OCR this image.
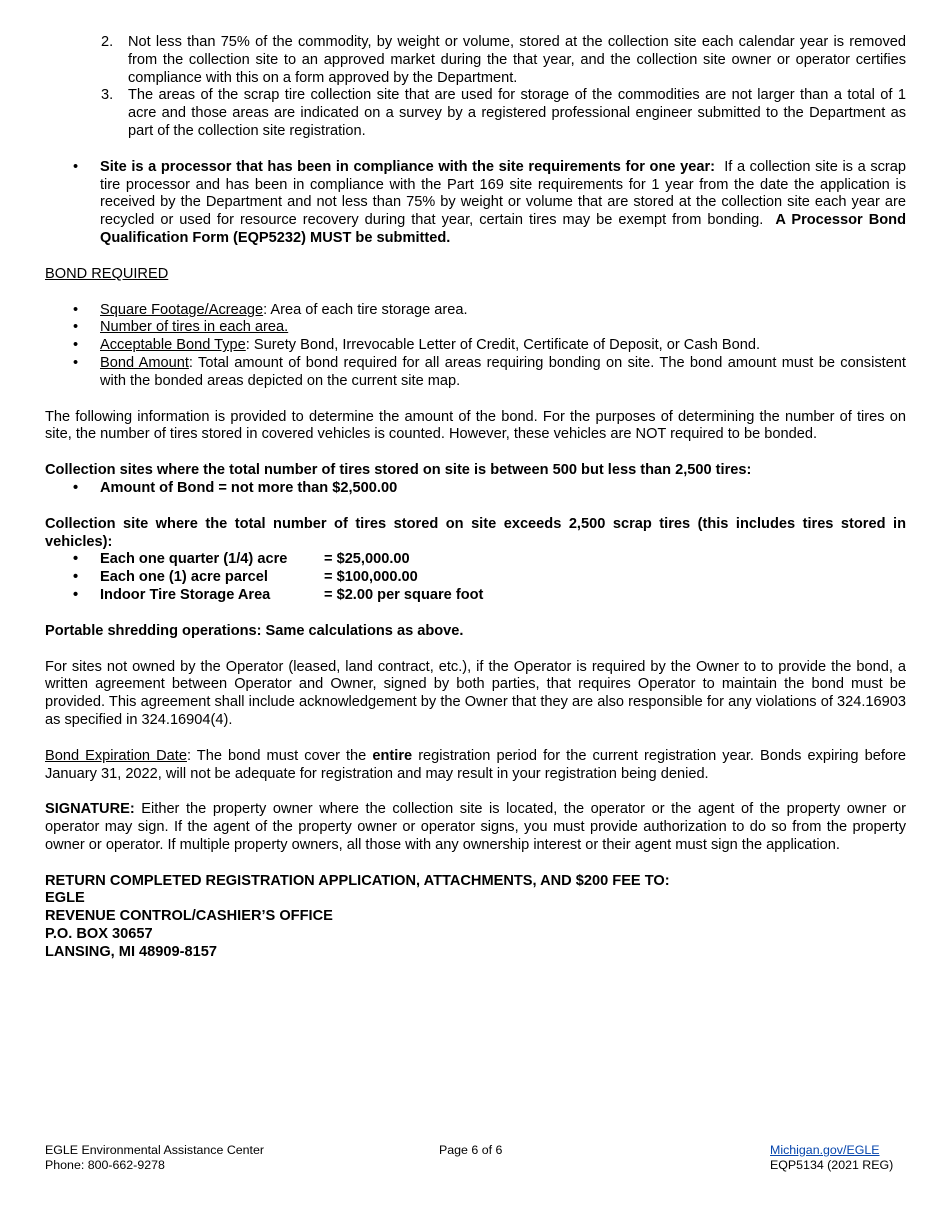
2. Not less than 75% of the commodity, by weight or volume, stored at the collection site each calendar year is removed from the collection site to an approved market during the that year, and the collection site owner or operator certifies compliance with this on a form approved by the Department.
3. The areas of the scrap tire collection site that are used for storage of the commodities are not larger than a total of 1 acre and those areas are indicated on a survey by a registered professional engineer submitted to the Department as part of the collection site registration.
• Site is a processor that has been in compliance with the site requirements for one year: If a collection site is a scrap tire processor and has been in compliance with the Part 169 site requirements for 1 year from the date the application is received by the Department and not less than 75% by weight or volume that are stored at the collection site each year are recycled or used for resource recovery during that year, certain tires may be exempt from bonding. A Processor Bond Qualification Form (EQP5232) MUST be submitted.

BOND REQUIRED

• Square Footage/Acreage: Area of each tire storage area.
• Number of tires in each area.
• Acceptable Bond Type: Surety Bond, Irrevocable Letter of Credit, Certificate of Deposit, or Cash Bond.
• Bond Amount: Total amount of bond required for all areas requiring bonding on site. The bond amount must be consistent with the bonded areas depicted on the current site map.

The following information is provided to determine the amount of the bond. For the purposes of determining the number of tires on site, the number of tires stored in covered vehicles is counted. However, these vehicles are NOT required to be bonded.

Collection sites where the total number of tires stored on site is between 500 but less than 2,500 tires:

• Amount of Bond = not more than $2,500.00

Collection site where the total number of tires stored on site exceeds 2,500 scrap tires (this includes tires stored in vehicles):

• Each one quarter (1/4) acre	= $25,000.00
• Each one (1) acre parcel	= $100,000.00
• Indoor Tire Storage Area	= $2.00 per square foot

Portable shredding operations: Same calculations as above.

For sites not owned by the Operator (leased, land contract, etc.), if the Operator is required by the Owner to to provide the bond, a written agreement between Operator and Owner, signed by both parties, that requires Operator to maintain the bond must be provided. This agreement shall include acknowledgement by the Owner that they are also responsible for any violations of 324.16903 as specified in 324.16904(4).

Bond Expiration Date: The bond must cover the entire registration period for the current registration year. Bonds expiring before January 31, 2022, will not be adequate for registration and may result in your registration being denied.

SIGNATURE: Either the property owner where the collection site is located, the operator or the agent of the property owner or operator may sign. If the agent of the property owner or operator signs, you must provide authorization to do so from the property owner or operator. If multiple property owners, all those with any ownership interest or their agent must sign the application.

RETURN COMPLETED REGISTRATION APPLICATION, ATTACHMENTS, AND $200 FEE TO:
EGLE
REVENUE CONTROL/CASHIER’S OFFICE
P.O. BOX 30657
LANSING, MI 48909-8157
EGLE Environmental Assistance Center
Phone: 800-662-9278
Page 6 of 6	Michigan.gov/EGLE
EQP5134 (2021 REG)
